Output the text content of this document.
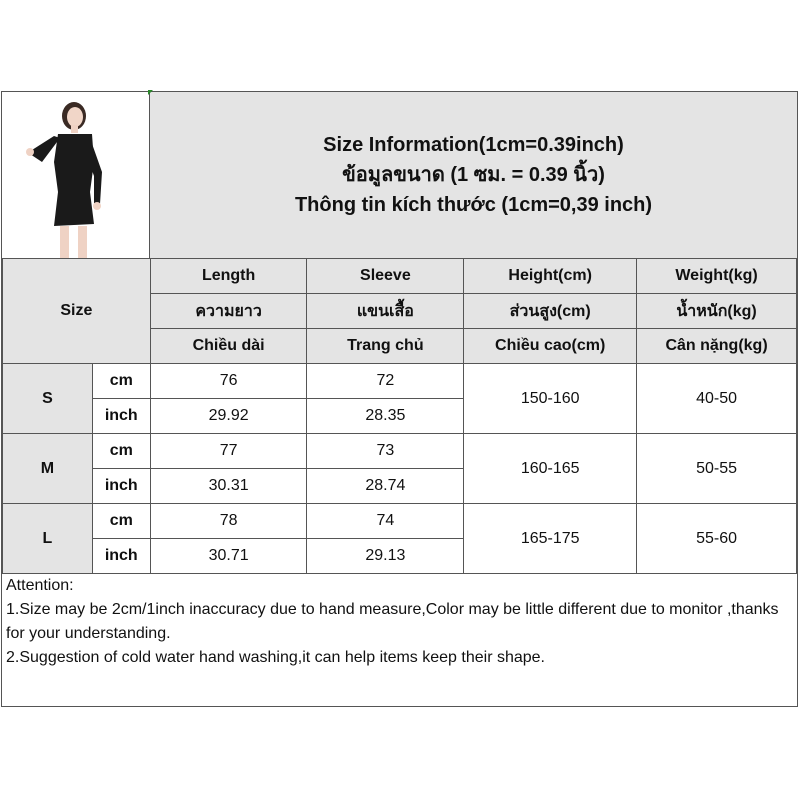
Size Information(1cm=0.39inch)
ข้อมูลขนาด (1 ซม. = 0.39 นิ้ว)
Thông tin kích thước (1cm=0,39 inch)
Size		Length	Sleeve	Height(cm)	Weight(kg)
		ความยาว	แขนเสื้อ	ส่วนสูง(cm)	น้ำหนัก(kg)
		Chiều dài	Trang chủ	Chiều cao(cm)	Cân nặng(kg)
S	cm	76	72	150-160	40-50
	inch	29.92	28.35		
M	cm	77	73	160-165	50-55
	inch	30.31	28.74		
L	cm	78	74	165-175	55-60
	inch	30.71	29.13		
Attention:
1.Size may be 2cm/1inch inaccuracy due to hand measure,Color may be little different due to monitor ,thanks for your understanding.
2.Suggestion of cold water hand washing,it can help items keep their shape.
